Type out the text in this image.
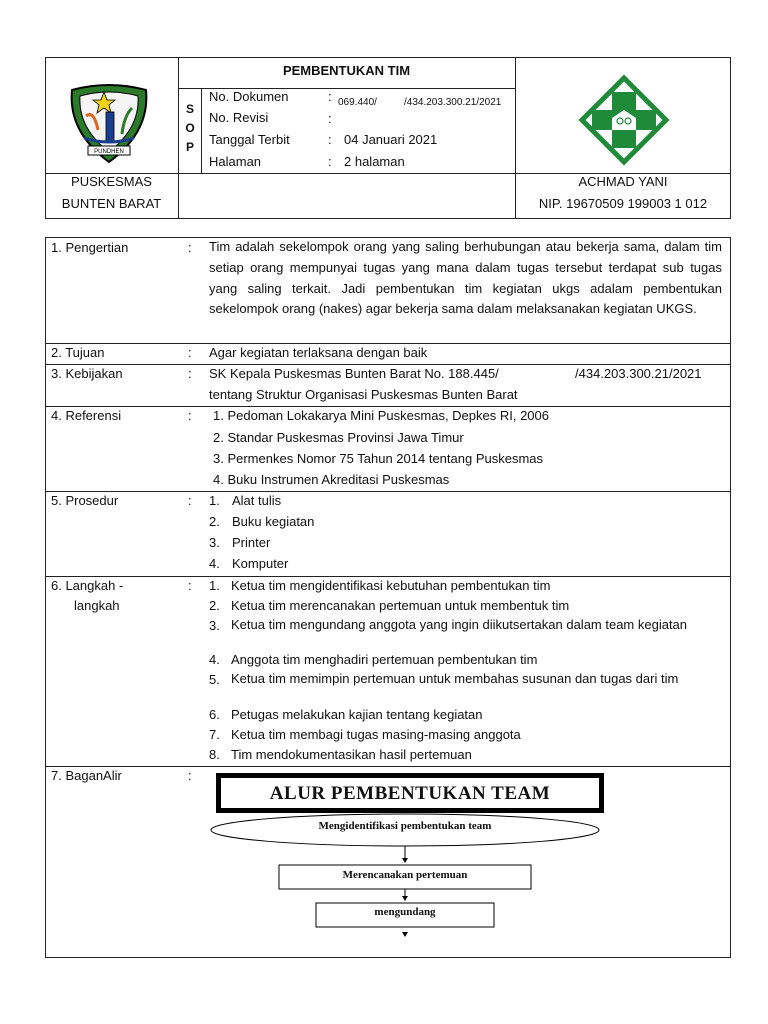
PUNDHEN
PEMBENTUKAN TIM
S
O
P
No. Dokumen	: 069.440/	/434.203.300.21/2021
No. Revisi	:
Tanggal Terbit	: 04 Januari 2021
Halaman	: 2 halaman
PUSKESMAS
BUNTEN BARAT
ACHMAD YANI
NIP. 19670509 199003 1 012
1. Pengertian	: Tim adalah sekelompok orang yang saling berhubungan atau bekerja sama, dalam tim setiap orang mempunyai tugas yang mana dalam tugas tersebut terdapat sub tugas yang saling terkait. Jadi pembentukan tim kegiatan ukgs adalam pembentukan sekelompok orang (nakes) agar bekerja sama dalam melaksanakan kegiatan UKGS.
2. Tujuan	: Agar kegiatan terlaksana dengan baik
3. Kebijakan	: SK Kepala Puskesmas Bunten Barat No. 188.445/	/434.203.300.21/2021
tentang Struktur Organisasi Puskesmas Bunten Barat
4. Referensi	: 1. Pedoman Lokakarya Mini Puskesmas, Depkes RI, 2006
2. Standar Puskesmas Provinsi Jawa Timur
3. Permenkes Nomor 75 Tahun 2014 tentang Puskesmas
4. Buku Instrumen Akreditasi Puskesmas
5. Prosedur	: 1. Alat tulis
2. Buku kegiatan
3. Printer
4. Komputer
6. Langkah -
langkah
: 1. Ketua tim mengidentifikasi kebutuhan pembentukan tim
2. Ketua tim merencanakan pertemuan untuk membentuk tim
3. Ketua tim mengundang anggota yang ingin diikutsertakan dalam team kegiatan
4. Anggota tim menghadiri pertemuan pembentukan tim
5. Ketua tim memimpin pertemuan untuk membahas susunan dan tugas dari tim
6. Petugas melakukan kajian tentang kegiatan
7. Ketua tim membagi tugas masing-masing anggota
8. Tim mendokumentasikan hasil pertemuan
7. BaganAlir	:
ALUR PEMBENTUKAN TEAM
Mengidentifikasi pembentukan team
Merencanakan pertemuan
mengundang
